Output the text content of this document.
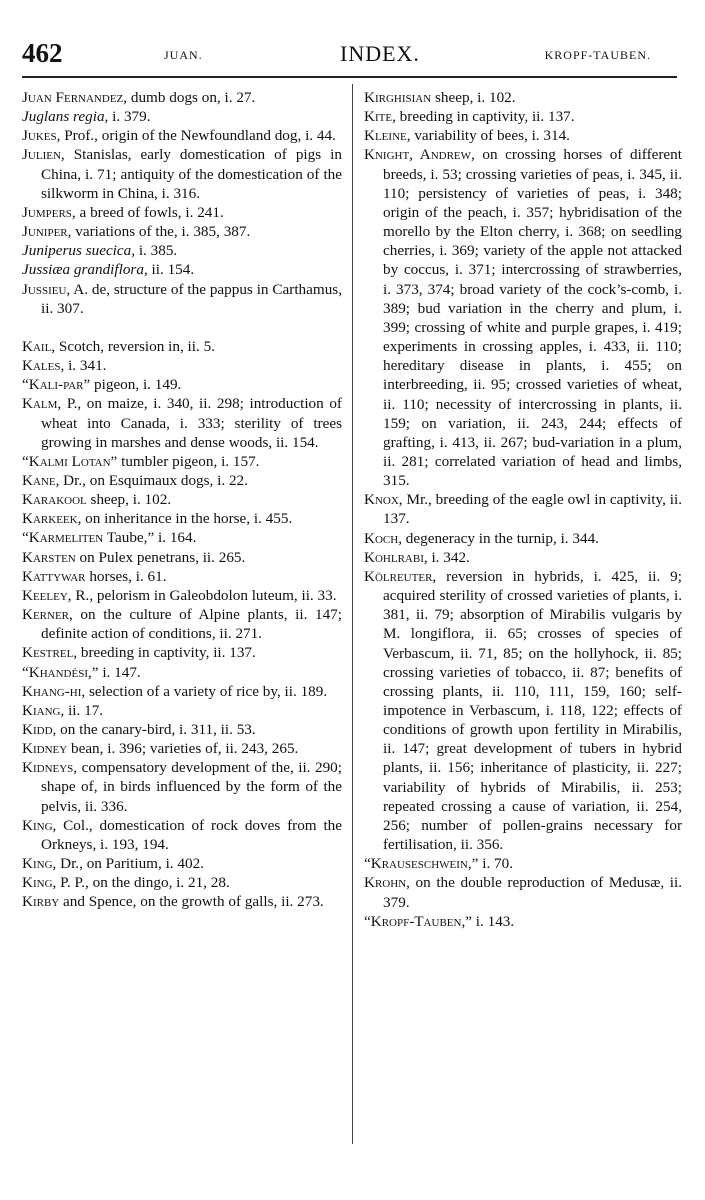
462	JUAN.	INDEX.	KROPF-TAUBEN.
Juan Fernandez, dumb dogs on, i. 27.
Juglans regia, i. 379.
Jukes, Prof., origin of the Newfoundland dog, i. 44.
Julien, Stanislas, early domestication of pigs in China, i. 71; antiquity of the domestication of the silkworm in China, i. 316.
Jumpers, a breed of fowls, i. 241.
Juniper, variations of the, i. 385, 387.
Juniperus suecica, i. 385.
Jussiæa grandiflora, ii. 154.
Jussieu, A. de, structure of the pappus in Carthamus, ii. 307.
Kail, Scotch, reversion in, ii. 5.
Kales, i. 341.
“Kali-par” pigeon, i. 149.
Kalm, P., on maize, i. 340, ii. 298; introduction of wheat into Canada, i. 333; sterility of trees growing in marshes and dense woods, ii. 154.
“Kalmi Lotan” tumbler pigeon, i. 157.
Kane, Dr., on Esquimaux dogs, i. 22.
Karakool sheep, i. 102.
Karkeek, on inheritance in the horse, i. 455.
“Karmeliten Taube,” i. 164.
Karsten on Pulex penetrans, ii. 265.
Kattywar horses, i. 61.
Keeley, R., pelorism in Galeobdolon luteum, ii. 33.
Kerner, on the culture of Alpine plants, ii. 147; definite action of conditions, ii. 271.
Kestrel, breeding in captivity, ii. 137.
“Khandési,” i. 147.
Khang-hi, selection of a variety of rice by, ii. 189.
Kiang, ii. 17.
Kidd, on the canary-bird, i. 311, ii. 53.
Kidney bean, i. 396; varieties of, ii. 243, 265.
Kidneys, compensatory development of the, ii. 290; shape of, in birds influenced by the form of the pelvis, ii. 336.
King, Col., domestication of rock doves from the Orkneys, i. 193, 194.
King, Dr., on Paritium, i. 402.
King, P. P., on the dingo, i. 21, 28.
Kirby and Spence, on the growth of galls, ii. 273.
Kirghisian sheep, i. 102.
Kite, breeding in captivity, ii. 137.
Kleine, variability of bees, i. 314.
Knight, Andrew, on crossing horses of different breeds, i. 53; crossing varieties of peas, i. 345, ii. 110; persistency of varieties of peas, i. 348; origin of the peach, i. 357; hybridisation of the morello by the Elton cherry, i. 368; on seedling cherries, i. 369; variety of the apple not attacked by coccus, i. 371; intercrossing of strawberries, i. 373, 374; broad variety of the cock’s-comb, i. 389; bud variation in the cherry and plum, i. 399; crossing of white and purple grapes, i. 419; experiments in crossing apples, i. 433, ii. 110; hereditary disease in plants, i. 455; on interbreeding, ii. 95; crossed varieties of wheat, ii. 110; necessity of intercrossing in plants, ii. 159; on variation, ii. 243, 244; effects of grafting, i. 413, ii. 267; bud-variation in a plum, ii. 281; correlated variation of head and limbs, 315.
Knox, Mr., breeding of the eagle owl in captivity, ii. 137.
Koch, degeneracy in the turnip, i. 344.
Kohlrabi, i. 342.
Kölreuter, reversion in hybrids, i. 425, ii. 9; acquired sterility of crossed varieties of plants, i. 381, ii. 79; absorption of Mirabilis vulgaris by M. longiflora, ii. 65; crosses of species of Verbascum, ii. 71, 85; on the hollyhock, ii. 85; crossing varieties of tobacco, ii. 87; benefits of crossing plants, ii. 110, 111, 159, 160; self-impotence in Verbascum, i. 118, 122; effects of conditions of growth upon fertility in Mirabilis, ii. 147; great development of tubers in hybrid plants, ii. 156; inheritance of plasticity, ii. 227; variability of hybrids of Mirabilis, ii. 253; repeated crossing a cause of variation, ii. 254, 256; number of pollen-grains necessary for fertilisation, ii. 356.
“Krauseschwein,” i. 70.
Krohn, on the double reproduction of Medusæ, ii. 379.
“Kropf-Tauben,” i. 143.
